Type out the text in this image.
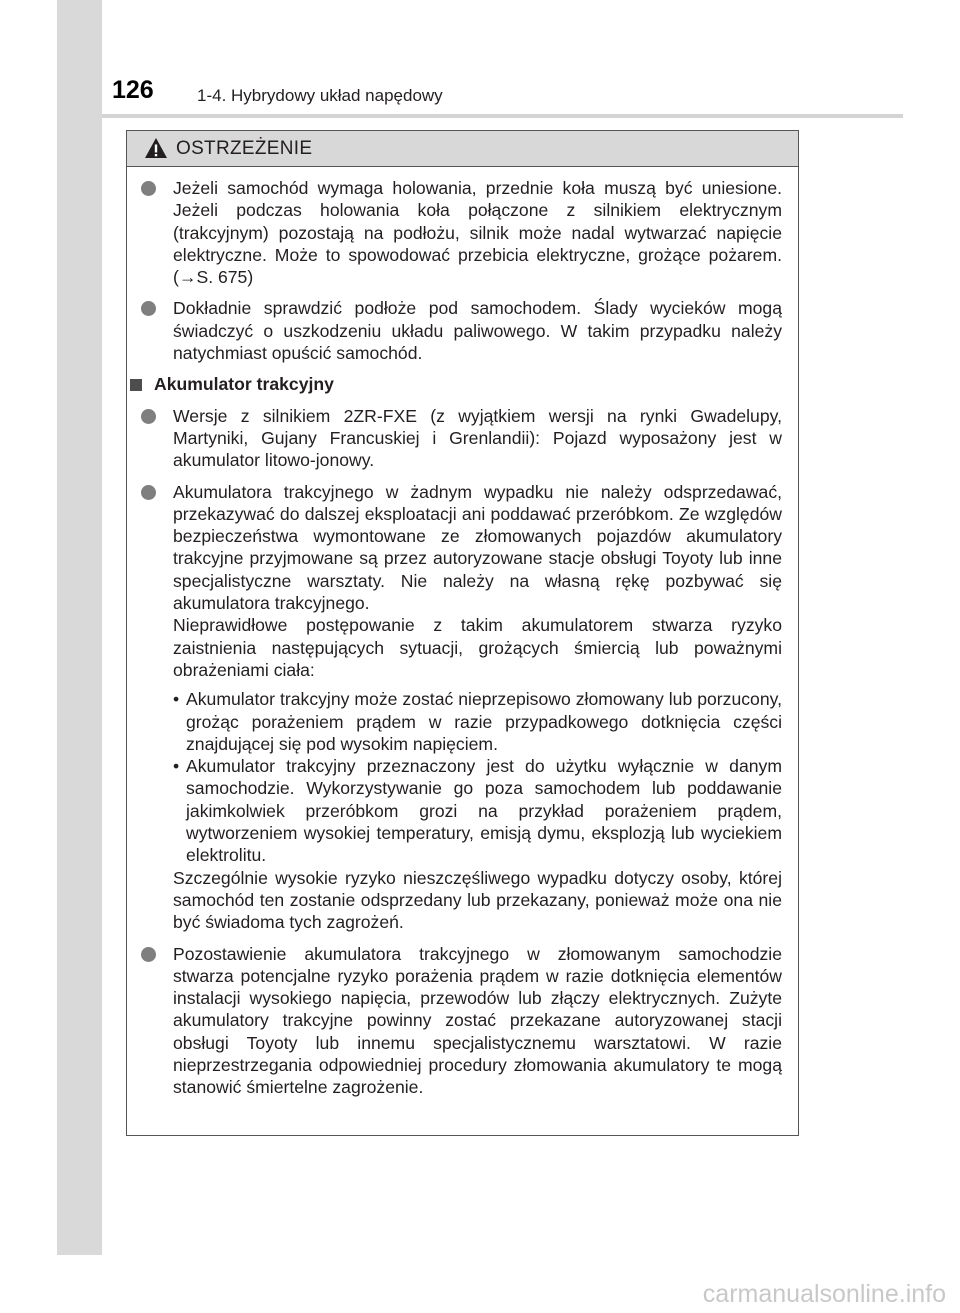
126	1-4. Hybrydowy układ napędowy
OSTRZEŻENIE
Jeżeli samochód wymaga holowania, przednie koła muszą być uniesione. Jeżeli podczas holowania koła połączone z silnikiem elektrycznym (trakcyjnym) pozostają na podłożu, silnik może nadal wytwarzać napięcie elektryczne. Może to spowodować przebicia elektryczne, grożące pożarem. (→S. 675)
Dokładnie sprawdzić podłoże pod samochodem. Ślady wycieków mogą świadczyć o uszkodzeniu układu paliwowego. W takim przypadku należy natychmiast opuścić samochód.
Akumulator trakcyjny
Wersje z silnikiem 2ZR-FXE (z wyjątkiem wersji na rynki Gwadelupy, Martyniki, Gujany Francuskiej i Grenlandii): Pojazd wyposażony jest w akumulator litowo-jonowy.

Akumulatora trakcyjnego w żadnym wypadku nie należy odsprzedawać, przekazywać do dalszej eksploatacji ani poddawać przeróbkom. Ze względów bezpieczeństwa wymontowane ze złomowanych pojazdów akumulatory trakcyjne przyjmowane są przez autoryzowane stacje obsługi Toyoty lub inne specjalistyczne warsztaty. Nie należy na własną rękę pozbywać się akumulatora trakcyjnego.

Nieprawidłowe postępowanie z takim akumulatorem stwarza ryzyko zaistnienia następujących sytuacji, grożących śmiercią lub poważnymi obrażeniami ciała:

• Akumulator trakcyjny może zostać nieprzepisowo złomowany lub porzucony, grożąc porażeniem prądem w razie przypadkowego dotknięcia części znajdującej się pod wysokim napięciem.
• Akumulator trakcyjny przeznaczony jest do użytku wyłącznie w danym samochodzie. Wykorzystywanie go poza samochodem lub poddawanie jakimkolwiek przeróbkom grozi na przykład porażeniem prądem, wytworzeniem wysokiej temperatury, emisją dymu, eksplozją lub wyciekiem elektrolitu.

Szczególnie wysokie ryzyko nieszczęśliwego wypadku dotyczy osoby, której samochód ten zostanie odsprzedany lub przekazany, ponieważ może ona nie być świadoma tych zagrożeń.

Pozostawienie akumulatora trakcyjnego w złomowanym samochodzie stwarza potencjalne ryzyko porażenia prądem w razie dotknięcia elementów instalacji wysokiego napięcia, przewodów lub złączy elektrycznych. Zużyte akumulatory trakcyjne powinny zostać przekazane autoryzowanej stacji obsługi Toyoty lub innemu specjalistycznemu warsztatowi. W razie nieprzestrzegania odpowiedniej procedury złomowania akumulatory te mogą stanowić śmiertelne zagrożenie.
carmanualsonline.info
